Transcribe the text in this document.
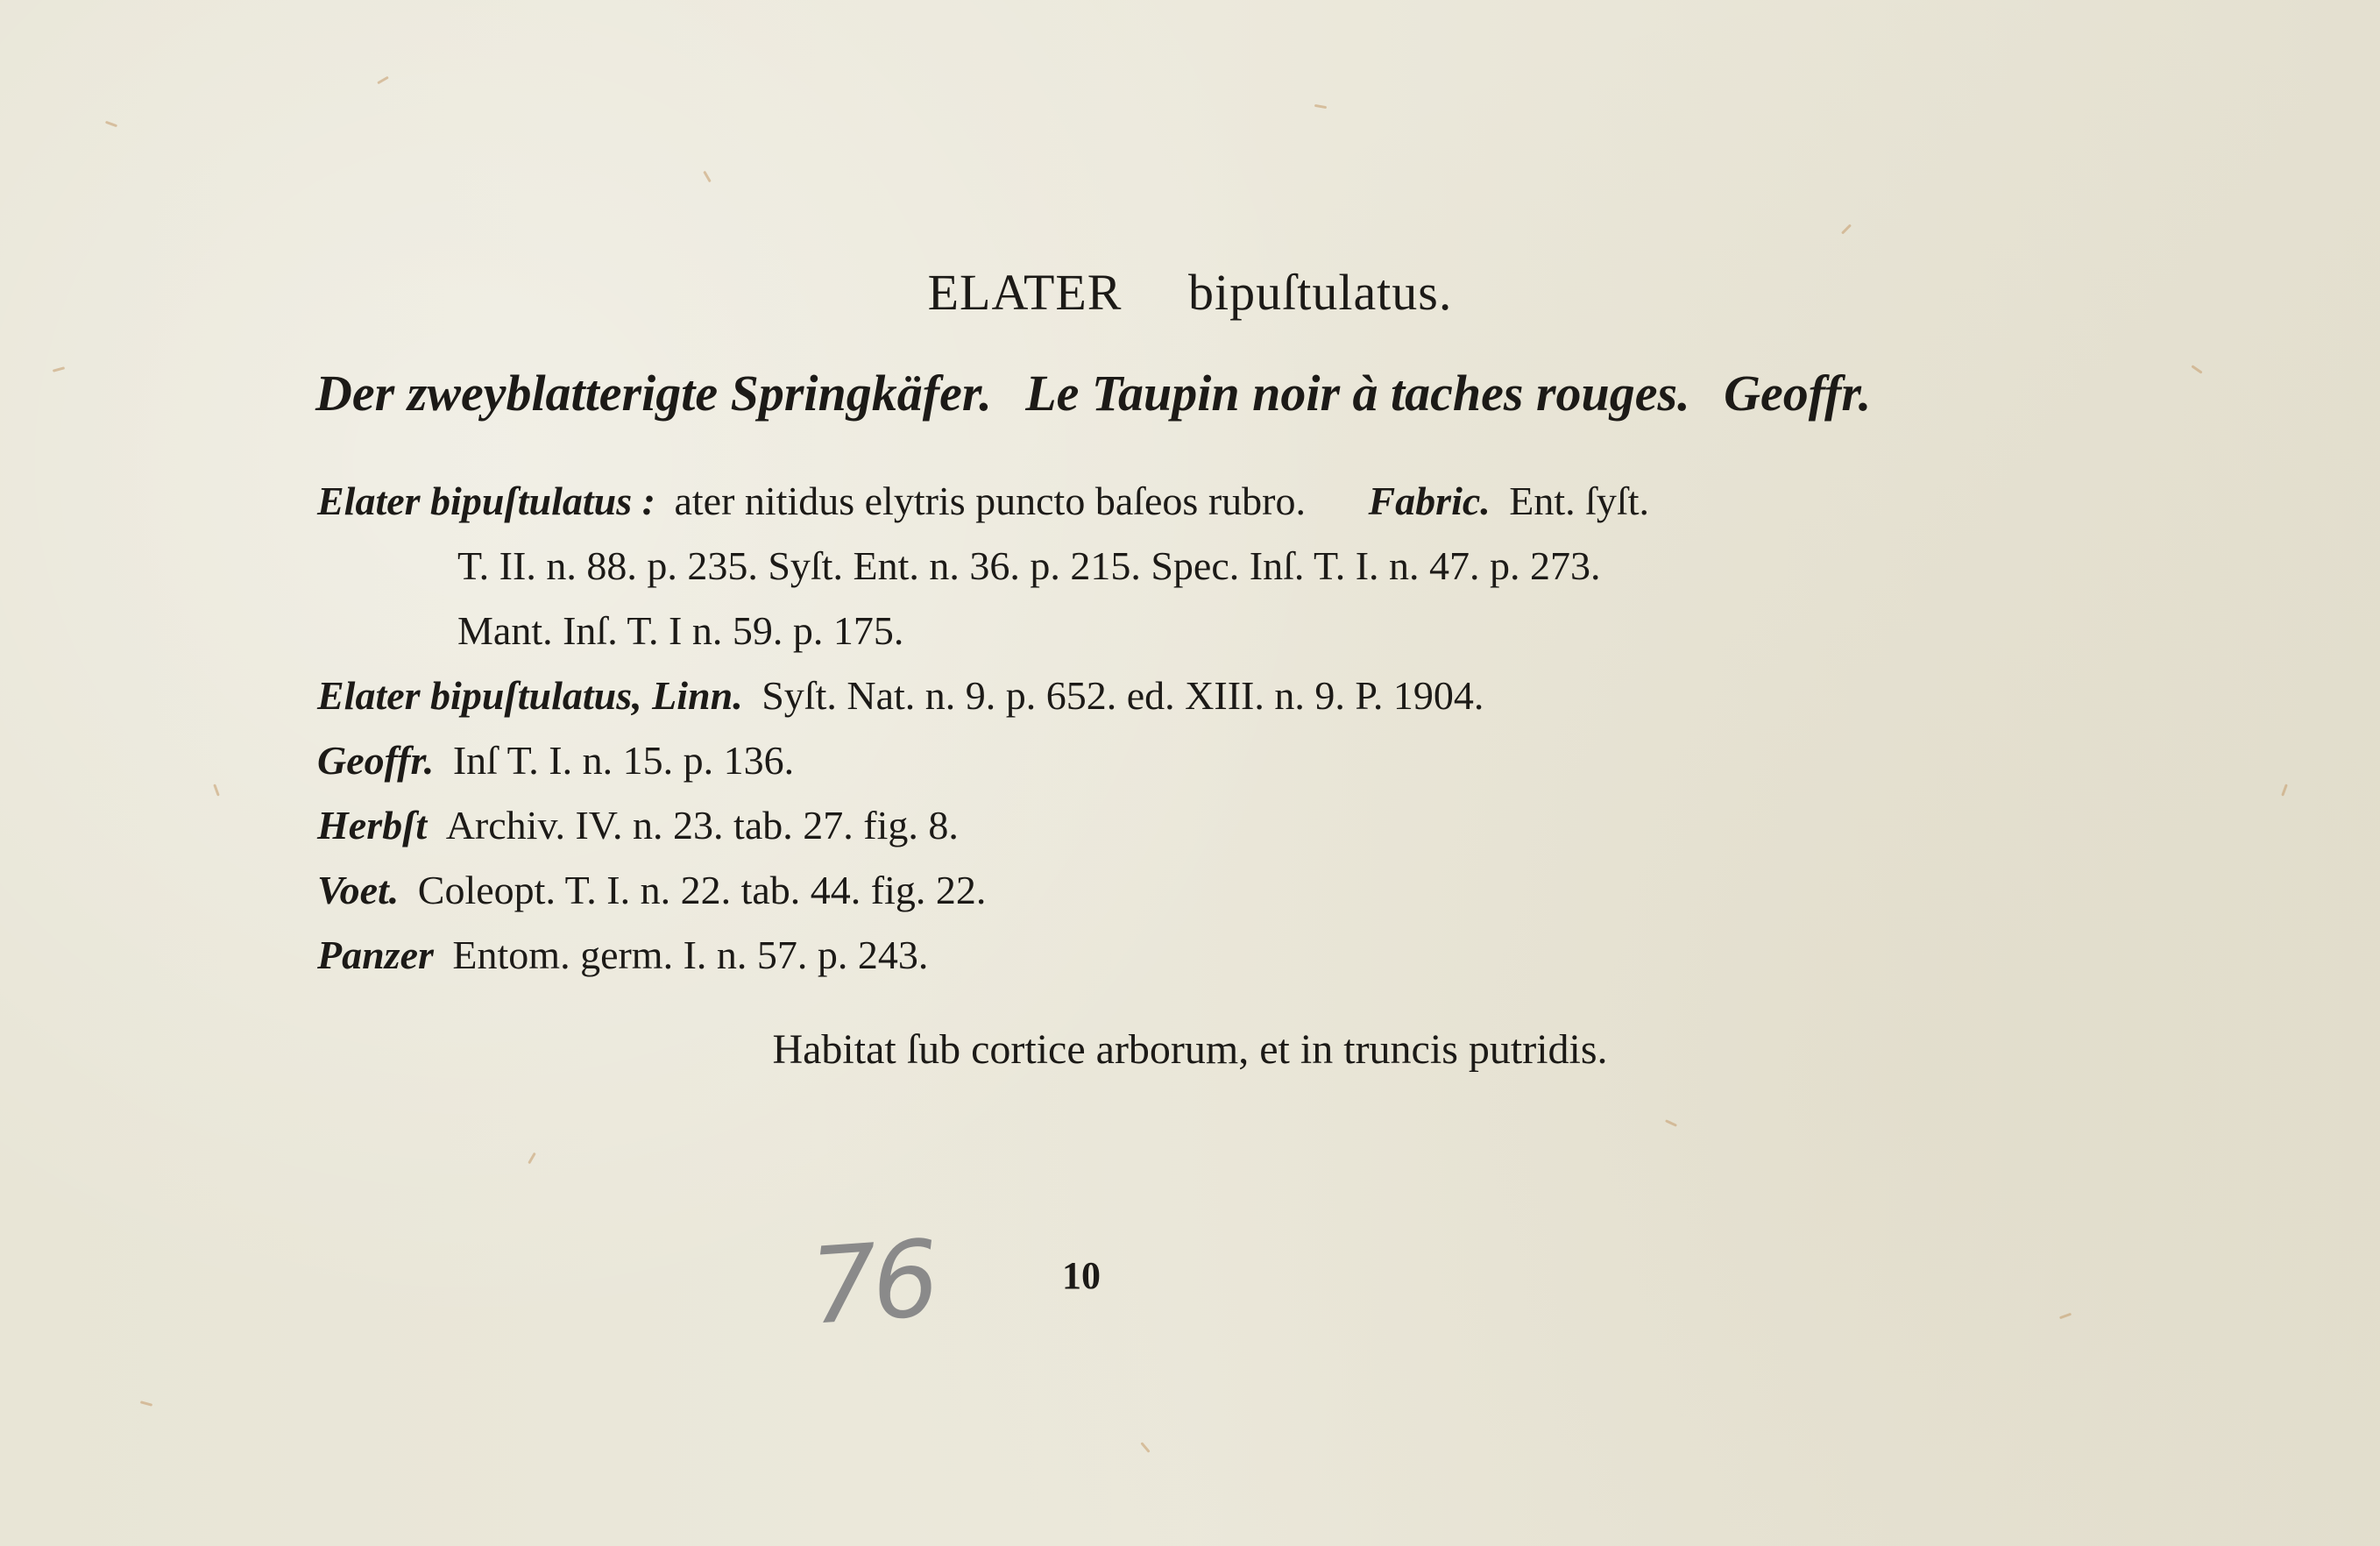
ELATER bipuſtulatus.
Der zweyblatterigte Springkäfer. Le Taupin noir à taches rouges. Geoffr.
Elater bipuſtulatus : ater nitidus elytris puncto baſeos rubro. Fabric. Ent. ſyſt.
T. II. n. 88. p. 235. Syſt. Ent. n. 36. p. 215. Spec. Inſ. T. I. n. 47. p. 273.
Mant. Inſ. T. I n. 59. p. 175.
Elater bipuſtulatus, Linn. Syſt. Nat. n. 9. p. 652. ed. XIII. n. 9. P. 1904.
Geoffr. Inſ T. I. n. 15. p. 136.
Herbſt Archiv. IV. n. 23. tab. 27. fig. 8.
Voet. Coleopt. T. I. n. 22. tab. 44. fig. 22.
Panzer Entom. germ. I. n. 57. p. 243.
Habitat ſub cortice arborum, et in truncis putridis.
76	10
